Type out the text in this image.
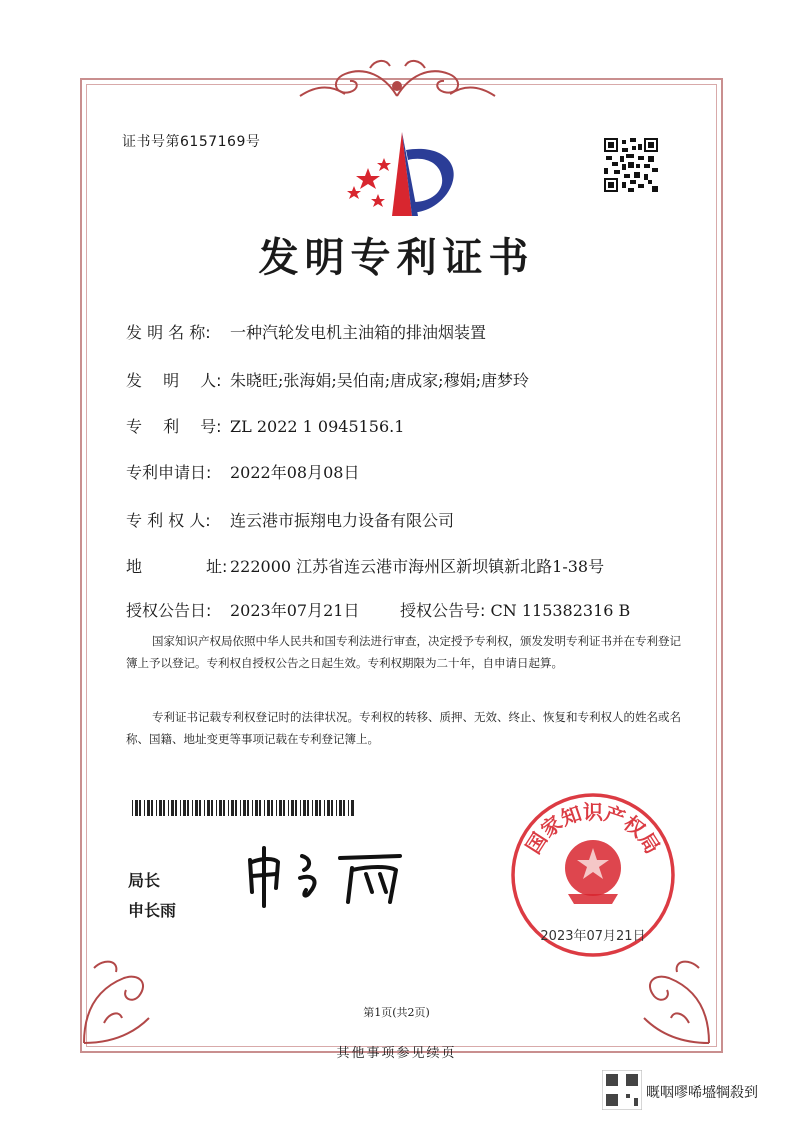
证书号第6157169号
发明专利证书
发 明 名 称: 一种汽轮发电机主油箱的排油烟装置
发　 明　 人: 朱晓旺;张海娟;吴伯南;唐成家;穆娟;唐梦玲
专　 利　 号: ZL 2022 1 0945156.1
专利申请日: 2022年08月08日
专 利 权 人: 连云港市振翔电力设备有限公司
地　　　　址: 222000 江苏省连云港市海州区新坝镇新北路1-38号
授权公告日: 2023年07月21日	授权公告号: CN 115382316 B
国家知识产权局依照中华人民共和国专利法进行审查，决定授予专利权，颁发发明专利证书并在专利登记簿上予以登记。专利权自授权公告之日起生效。专利权期限为二十年，自申请日起算。
专利证书记载专利权登记时的法律状况。专利权的转移、质押、无效、终止、恢复和专利权人的姓名或名称、国籍、地址变更等事项记载在专利登记簿上。
局长
申长雨
国家知识产权局
2023年07月21日
第1页(共2页)
其他事项参见续页
嘅咽嘐唏墭犅殺到
